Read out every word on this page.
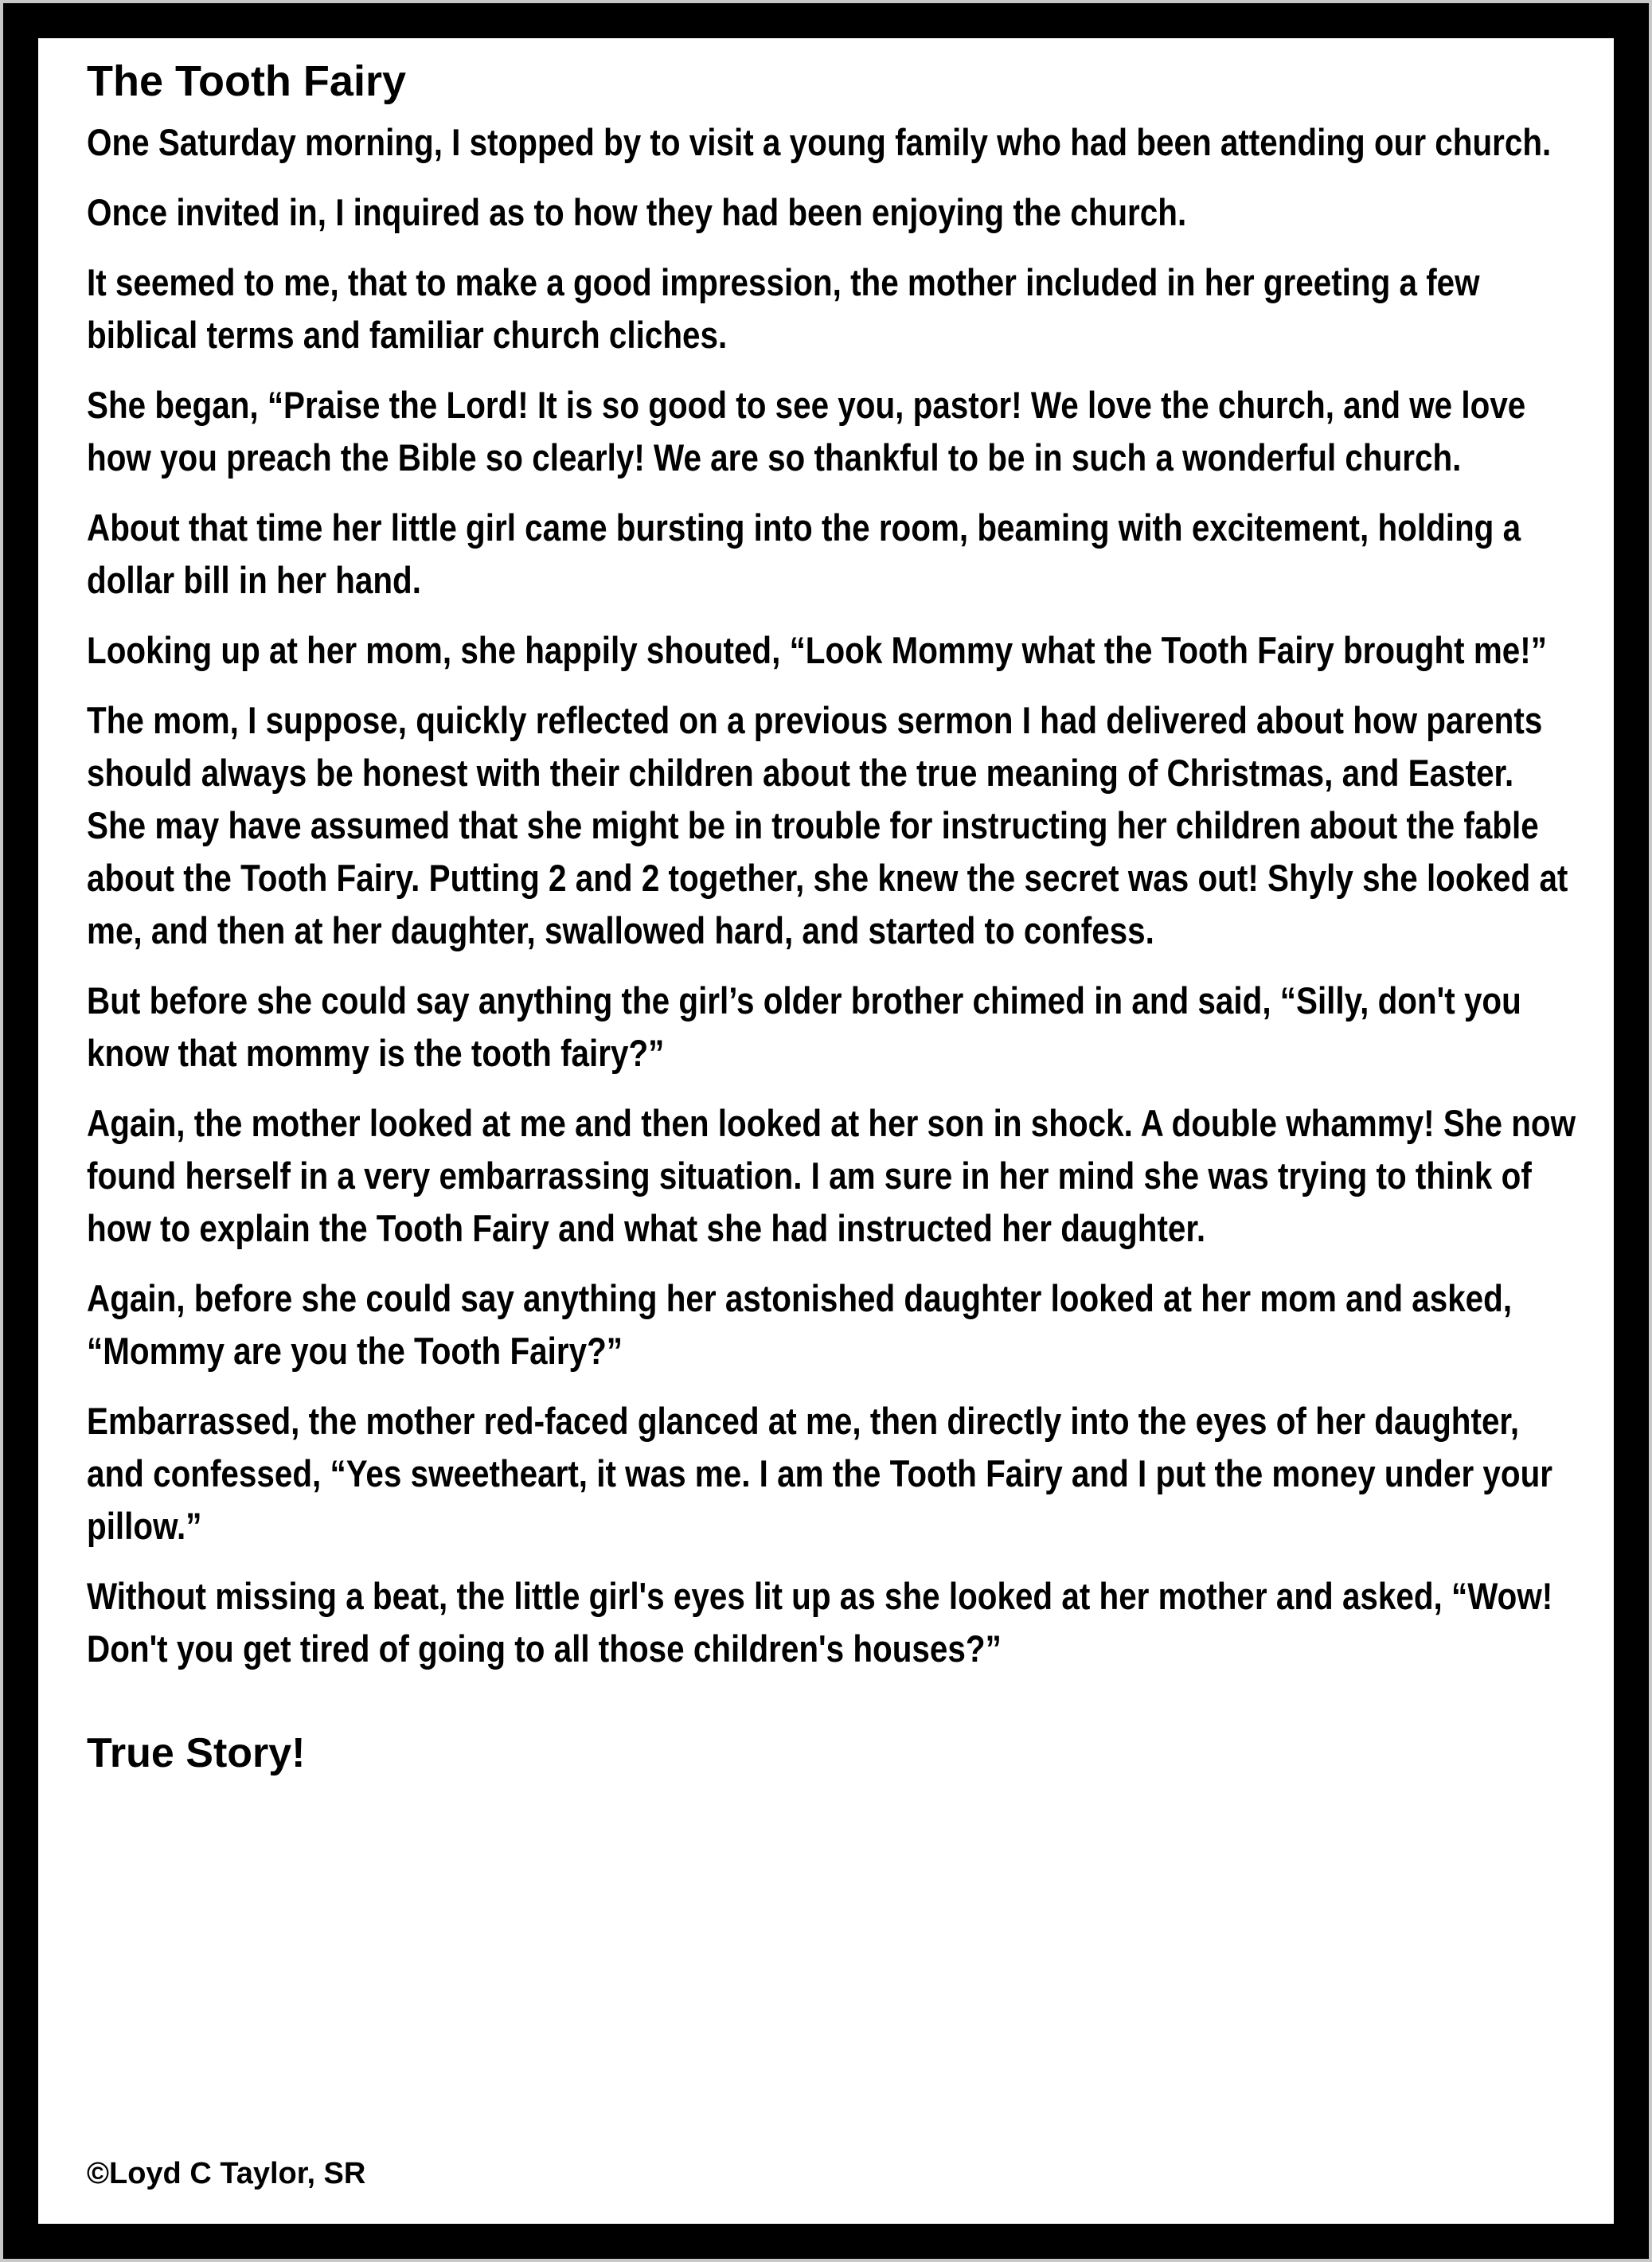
The Tooth Fairy

One Saturday morning, I stopped by to visit a young family who had been attending our church.

Once invited in, I inquired as to how they had been enjoying the church.

It seemed to me, that to make a good impression, the mother included in her greeting a few biblical terms and familiar church cliches.

She began, “Praise the Lord! It is so good to see you, pastor! We love the church, and we love how you preach the Bible so clearly! We are so thankful to be in such a wonderful church.

About that time her little girl came bursting into the room, beaming with excitement, holding a dollar bill in her hand.

Looking up at her mom, she happily shouted, “Look Mommy what the Tooth Fairy brought me!”

The mom, I suppose, quickly reflected on a previous sermon I had delivered about how parents should always be honest with their children about the true meaning of Christmas, and Easter. She may have assumed that she might be in trouble for instructing her children about the fable about the Tooth Fairy. Putting 2 and 2 together, she knew the secret was out! Shyly she looked at me, and then at her daughter, swallowed hard, and started to confess.

But before she could say anything the girl’s older brother chimed in and said, “Silly, don't you know that mommy is the tooth fairy?”

Again, the mother looked at me and then looked at her son in shock. A double whammy! She now found herself in a very embarrassing situation. I am sure in her mind she was trying to think of how to explain the Tooth Fairy and what she had instructed her daughter.

Again, before she could say anything her astonished daughter looked at her mom and asked, “Mommy are you the Tooth Fairy?”

Embarrassed, the mother red-faced glanced at me, then directly into the eyes of her daughter, and confessed, “Yes sweetheart, it was me. I am the Tooth Fairy and I put the money under your pillow.”

Without missing a beat, the little girl's eyes lit up as she looked at her mother and asked, “Wow! Don't you get tired of going to all those children's houses?”

True Story!
©Loyd C Taylor, SR
